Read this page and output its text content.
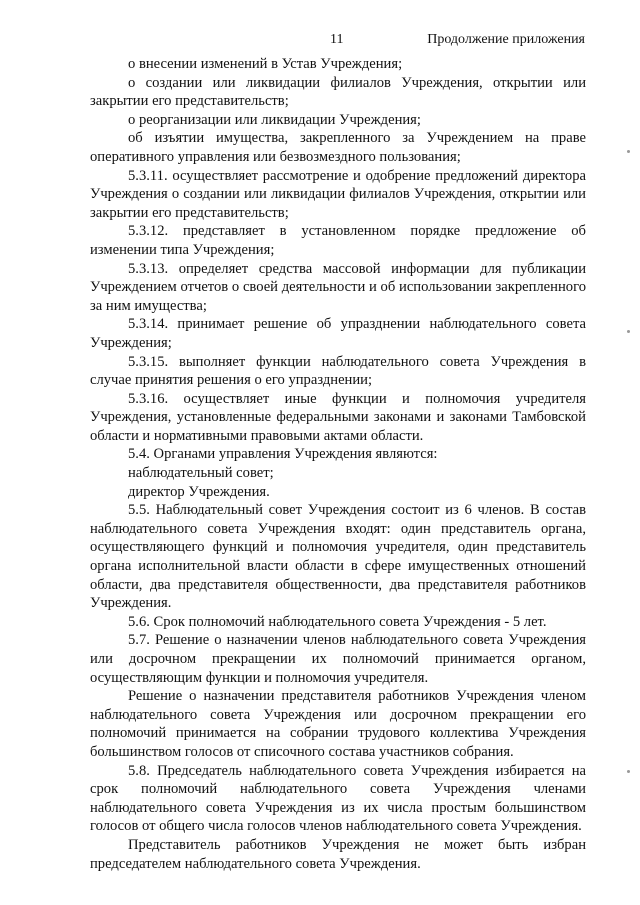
11	Продолжение приложения

о внесении изменений в Устав Учреждения;

о создании или ликвидации филиалов Учреждения, открытии или закрытии его представительств;

о реорганизации или ликвидации Учреждения;

об изъятии имущества, закрепленного за Учреждением на праве оперативного управления или безвозмездного пользования;

5.3.11. осуществляет рассмотрение и одобрение предложений директора Учреждения о создании или ликвидации филиалов Учреждения, открытии или закрытии его представительств;

5.3.12. представляет в установленном порядке предложение об изменении типа Учреждения;

5.3.13. определяет средства массовой информации для публикации Учреждением отчетов о своей деятельности и об использовании закрепленного за ним имущества;

5.3.14. принимает решение об упразднении наблюдательного совета Учреждения;

5.3.15. выполняет функции наблюдательного совета Учреждения в случае принятия решения о его упразднении;

5.3.16. осуществляет иные функции и полномочия учредителя Учреждения, установленные федеральными законами и законами Тамбовской области и нормативными правовыми актами области.

5.4. Органами управления Учреждения являются:

наблюдательный совет;

директор Учреждения.

5.5. Наблюдательный совет Учреждения состоит из 6 членов. В состав наблюдательного совета Учреждения входят: один представитель органа, осуществляющего функций и полномочия учредителя, один представитель органа исполнительной власти области в сфере имущественных отношений области, два представителя общественности, два представителя работников Учреждения.

5.6. Срок полномочий наблюдательного совета Учреждения - 5 лет.

5.7. Решение о назначении членов наблюдательного совета Учреждения или досрочном прекращении их полномочий принимается органом, осуществляющим функции и полномочия учредителя.

Решение о назначении представителя работников Учреждения членом наблюдательного совета Учреждения или досрочном прекращении его полномочий принимается на собрании трудового коллектива Учреждения большинством голосов от списочного состава участников собрания.

5.8. Председатель наблюдательного совета Учреждения избирается на срок полномочий наблюдательного совета Учреждения членами наблюдательного совета Учреждения из их числа простым большинством голосов от общего числа голосов членов наблюдательного совета Учреждения.

Представитель работников Учреждения не может быть избран председателем наблюдательного совета Учреждения.
